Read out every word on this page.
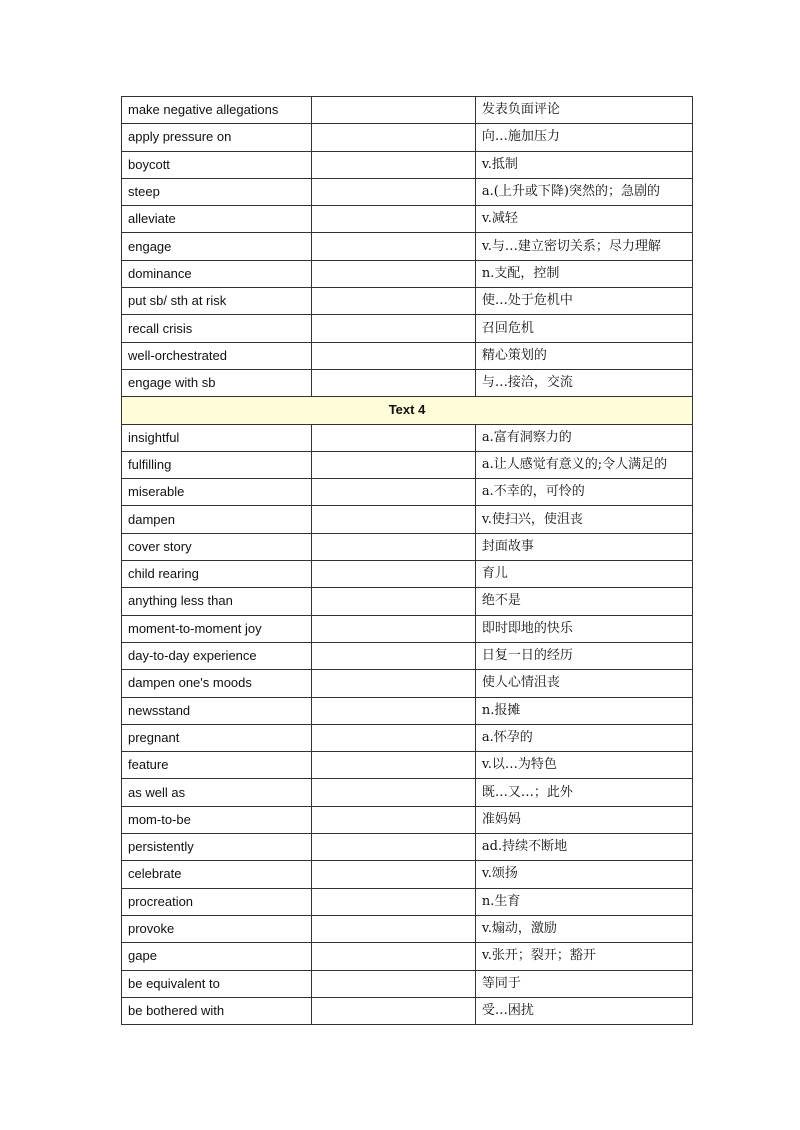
make negative allegations		发表负面评论
apply pressure on		向…施加压力
boycott		v.抵制
steep		a.(上升或下降)突然的；急剧的
alleviate		v.减轻
engage		v.与…建立密切关系；尽力理解
dominance		n.支配，控制
put sb/ sth at risk		使…处于危机中
recall crisis		召回危机
well-orchestrated		精心策划的
engage with sb		与…接洽，交流
Text 4		
insightful		a.富有洞察力的
fulfilling		a.让人感觉有意义的;令人满足的
miserable		a.不幸的，可怜的
dampen		v.使扫兴，使沮丧
cover story		封面故事
child rearing		育儿
anything less than		绝不是
moment-to-moment joy		即时即地的快乐
day-to-day experience		日复一日的经历
dampen one's moods		使人心情沮丧
newsstand		n.报摊
pregnant		a.怀孕的
feature		v.以…为特色
as well as		既…又…；此外
mom-to-be		准妈妈
persistently		ad.持续不断地
celebrate		v.颂扬
procreation		n.生育
provoke		v.煽动，激励
gape		v.张开；裂开；豁开
be equivalent to		等同于
be bothered with		受…困扰
